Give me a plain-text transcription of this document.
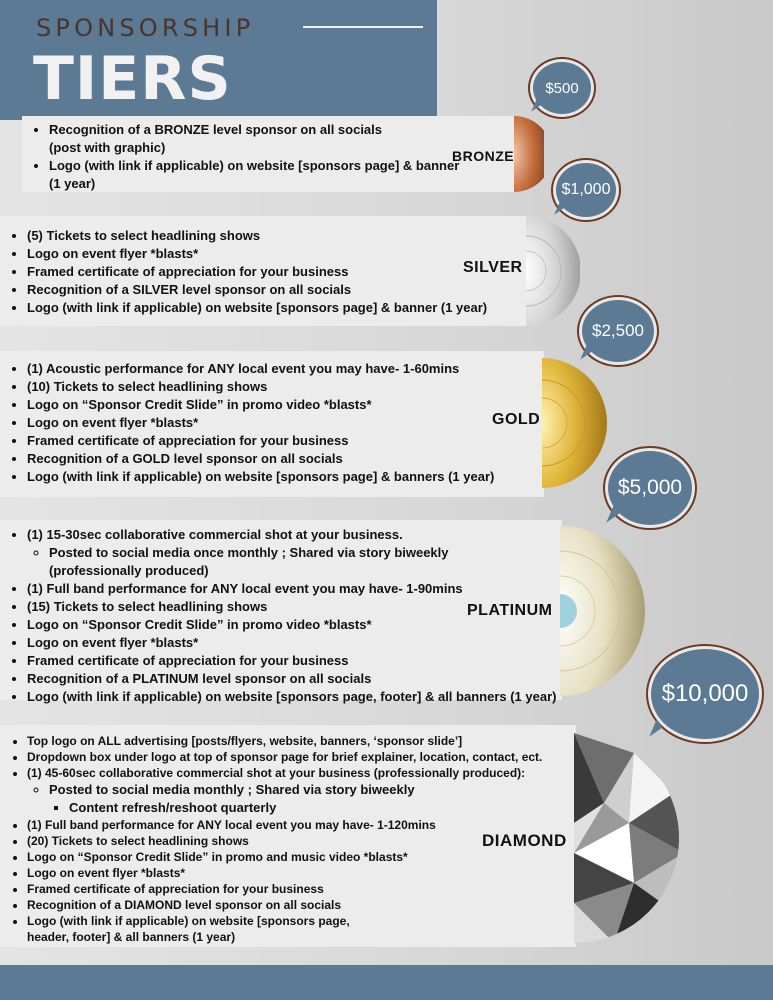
SPONSORSHIP
TIERS
• Recognition of a BRONZE level sponsor on all socials
(post with graphic)
• Logo (with link if applicable) on website [sponsors page] & banner (1 year)
BRONZE
$500
• (5) Tickets to select headlining shows
• Logo on event flyer *blasts*
• Framed certificate of appreciation for your business
• Recognition of a SILVER level sponsor on all socials
• Logo (with link if applicable) on website [sponsors page] & banner (1 year)
SILVER
$1,000
• (1) Acoustic performance for ANY local event you may have- 1-60mins
• (10) Tickets to select headlining shows
• Logo on “Sponsor Credit Slide” in promo video *blasts*
• Logo on event flyer *blasts*
• Framed certificate of appreciation for your business
• Recognition of a GOLD level sponsor on all socials
• Logo (with link if applicable) on website [sponsors page] & banners (1 year)
GOLD
$2,500
• (1) 15-30sec collaborative commercial shot at your business.
◦ Posted to social media once monthly ; Shared via story biweekly (professionally produced)
• (1) Full band performance for ANY local event you may have- 1-90mins
• (15) Tickets to select headlining shows
• Logo on “Sponsor Credit Slide” in promo video *blasts*
• Logo on event flyer *blasts*
• Framed certificate of appreciation for your business
• Recognition of a PLATINUM level sponsor on all socials
• Logo (with link if applicable) on website [sponsors page, footer] & all banners (1 year)
PLATINUM
$5,000
• Top logo on ALL advertising [posts/flyers, website, banners, ‘sponsor slide’]
• Dropdown box under logo at top of sponsor page for brief explainer, location, contact, ect.
• (1) 45-60sec collaborative commercial shot at your business (professionally produced):
◦ Posted to social media monthly ; Shared via story biweekly
▪ Content refresh/reshoot quarterly
• (1) Full band performance for ANY local event you may have- 1-120mins
• (20) Tickets to select headlining shows
• Logo on “Sponsor Credit Slide” in promo and music video *blasts*
• Logo on event flyer *blasts*
• Framed certificate of appreciation for your business
• Recognition of a DIAMOND level sponsor on all socials
• Logo (with link if applicable) on website [sponsors page, header, footer] & all banners (1 year)
DIAMOND
$10,000
